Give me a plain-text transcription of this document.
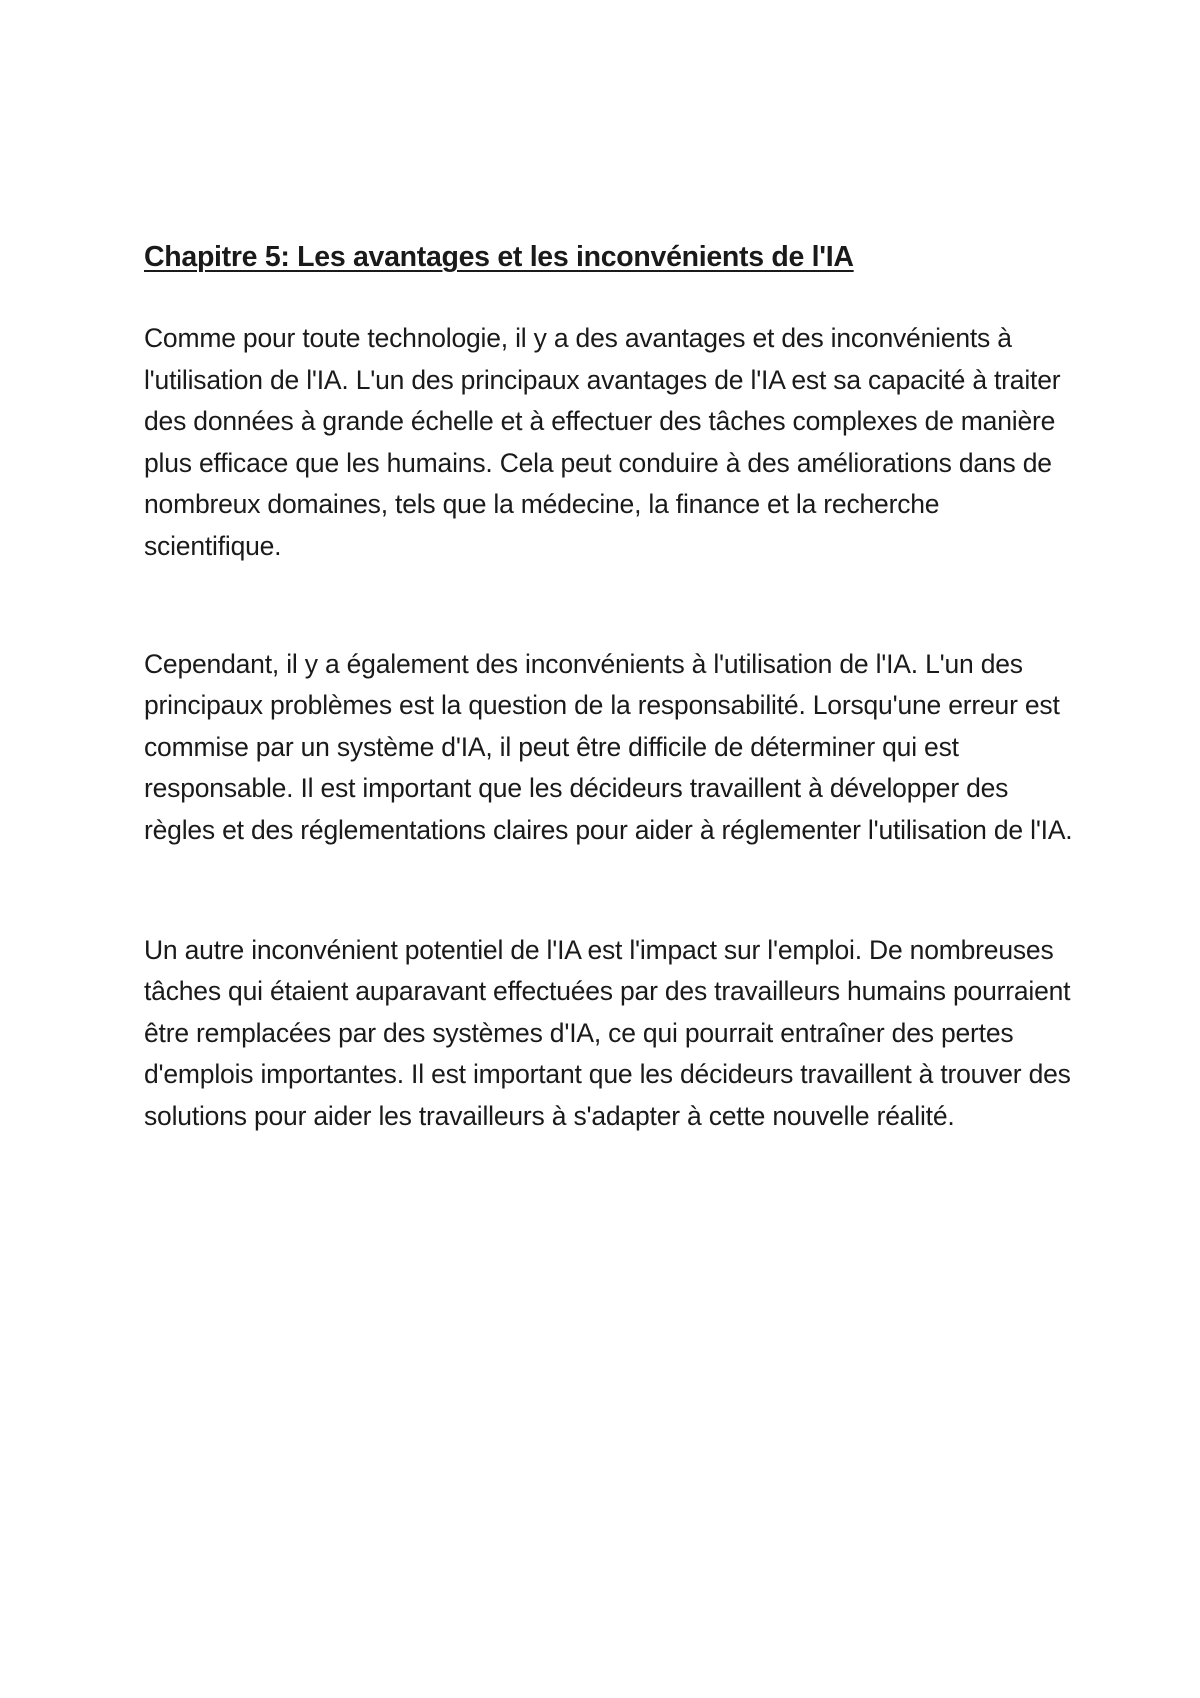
Chapitre 5: Les avantages et les inconvénients de l'IA

Comme pour toute technologie, il y a des avantages et des inconvénients à l'utilisation de l'IA. L'un des principaux avantages de l'IA est sa capacité à traiter des données à grande échelle et à effectuer des tâches complexes de manière plus efficace que les humains. Cela peut conduire à des améliorations dans de nombreux domaines, tels que la médecine, la finance et la recherche scientifique.

Cependant, il y a également des inconvénients à l'utilisation de l'IA. L'un des principaux problèmes est la question de la responsabilité. Lorsqu'une erreur est commise par un système d'IA, il peut être difficile de déterminer qui est responsable. Il est important que les décideurs travaillent à développer des règles et des réglementations claires pour aider à réglementer l'utilisation de l'IA.

Un autre inconvénient potentiel de l'IA est l'impact sur l'emploi. De nombreuses tâches qui étaient auparavant effectuées par des travailleurs humains pourraient être remplacées par des systèmes d'IA, ce qui pourrait entraîner des pertes d'emplois importantes. Il est important que les décideurs travaillent à trouver des solutions pour aider les travailleurs à s'adapter à cette nouvelle réalité.
